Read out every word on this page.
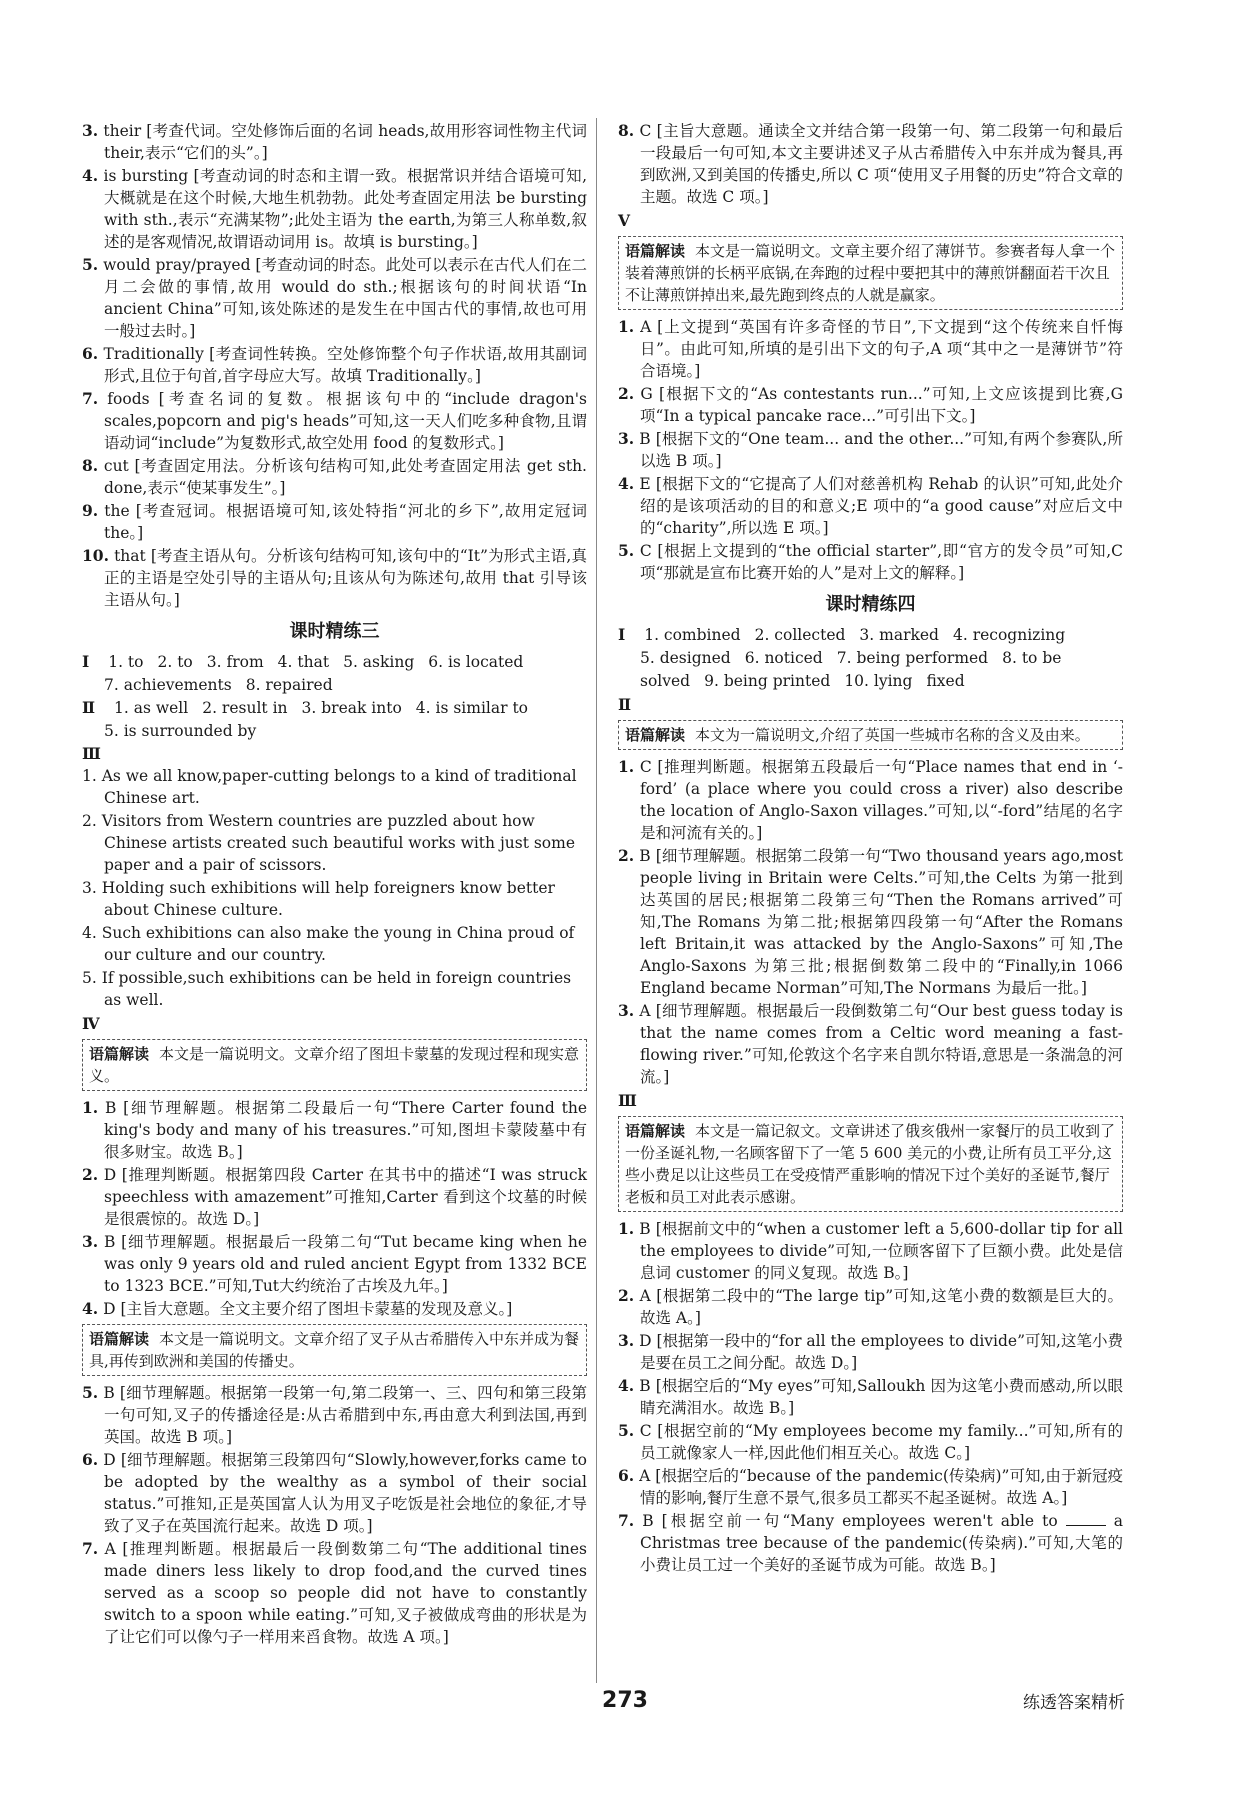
3. their [考查代词。空处修饰后面的名词 heads,故用形容词性物主代词 their,表示“它们的头”。]
4. is bursting [考查动词的时态和主谓一致。根据常识并结合语境可知,大概就是在这个时候,大地生机勃勃。此处考查固定用法 be bursting with sth.,表示“充满某物”;此处主语为 the earth,为第三人称单数,叙述的是客观情况,故谓语动词用 is。故填 is bursting。]
5. would pray/prayed [考查动词的时态。此处可以表示在古代人们在二月二会做的事情,故用 would do sth.;根据该句的时间状语“In ancient China”可知,该处陈述的是发生在中国古代的事情,故也可用一般过去时。]
6. Traditionally [考查词性转换。空处修饰整个句子作状语,故用其副词形式,且位于句首,首字母应大写。故填 Traditionally。]
7. foods [考查名词的复数。根据该句中的“include dragon's scales,popcorn and pig's heads”可知,这一天人们吃多种食物,且谓语动词“include”为复数形式,故空处用 food 的复数形式。]
8. cut [考查固定用法。分析该句结构可知,此处考查固定用法 get sth. done,表示“使某事发生”。]
9. the [考查冠词。根据语境可知,该处特指“河北的乡下”,故用定冠词 the。]
10. that [考查主语从句。分析该句结构可知,该句中的“It”为形式主语,真正的主语是空处引导的主语从句;且该从句为陈述句,故用 that 引导该主语从句。]
课时精练三
Ⅰ 1. to 2. to 3. from 4. that 5. asking 6. is located
7. achievements 8. repaired
Ⅱ 1. as well 2. result in 3. break into 4. is similar to
5. is surrounded by
Ⅲ
1. As we all know,paper-cutting belongs to a kind of traditional Chinese art.
2. Visitors from Western countries are puzzled about how Chinese artists created such beautiful works with just some paper and a pair of scissors.
3. Holding such exhibitions will help foreigners know better about Chinese culture.
4. Such exhibitions can also make the young in China proud of our culture and our country.
5. If possible,such exhibitions can be held in foreign countries as well.
Ⅳ
语篇解读 本文是一篇说明文。文章介绍了图坦卡蒙墓的发现过程和现实意义。
1. B [细节理解题。根据第二段最后一句“There Carter found the king's body and many of his treasures.”可知,图坦卡蒙陵墓中有很多财宝。故选 B。]
2. D [推理判断题。根据第四段 Carter 在其书中的描述“I was struck speechless with amazement”可推知,Carter 看到这个坟墓的时候是很震惊的。故选 D。]
3. B [细节理解题。根据最后一段第二句“Tut became king when he was only 9 years old and ruled ancient Egypt from 1332 BCE to 1323 BCE.”可知,Tut大约统治了古埃及九年。]
4. D [主旨大意题。全文主要介绍了图坦卡蒙墓的发现及意义。]
语篇解读 本文是一篇说明文。文章介绍了叉子从古希腊传入中东并成为餐具,再传到欧洲和美国的传播史。
5. B [细节理解题。根据第一段第一句,第二段第一、三、四句和第三段第一句可知,叉子的传播途径是:从古希腊到中东,再由意大利到法国,再到英国。故选 B 项。]
6. D [细节理解题。根据第三段第四句“Slowly,however,forks came to be adopted by the wealthy as a symbol of their social status.”可推知,正是英国富人认为用叉子吃饭是社会地位的象征,才导致了叉子在英国流行起来。故选 D 项。]
7. A [推理判断题。根据最后一段倒数第二句“The additional tines made diners less likely to drop food,and the curved tines served as a scoop so people did not have to constantly switch to a spoon while eating.”可知,叉子被做成弯曲的形状是为了让它们可以像勺子一样用来舀食物。故选 A 项。]
8. C [主旨大意题。通读全文并结合第一段第一句、第二段第一句和最后一段最后一句可知,本文主要讲述叉子从古希腊传入中东并成为餐具,再到欧洲,又到美国的传播史,所以 C 项“使用叉子用餐的历史”符合文章的主题。故选 C 项。]
Ⅴ
语篇解读 本文是一篇说明文。文章主要介绍了薄饼节。参赛者每人拿一个装着薄煎饼的长柄平底锅,在奔跑的过程中要把其中的薄煎饼翻面若干次且不让薄煎饼掉出来,最先跑到终点的人就是赢家。
1. A [上文提到“英国有许多奇怪的节日”,下文提到“这个传统来自忏悔日”。由此可知,所填的是引出下文的句子,A 项“其中之一是薄饼节”符合语境。]
2. G [根据下文的“As contestants run...”可知,上文应该提到比赛,G 项“In a typical pancake race...”可引出下文。]
3. B [根据下文的“One team... and the other...”可知,有两个参赛队,所以选 B 项。]
4. E [根据下文的“它提高了人们对慈善机构 Rehab 的认识”可知,此处介绍的是该项活动的目的和意义;E 项中的“a good cause”对应后文中的“charity”,所以选 E 项。]
5. C [根据上文提到的“the official starter”,即“官方的发令员”可知,C 项“那就是宣布比赛开始的人”是对上文的解释。]
课时精练四
Ⅰ 1. combined 2. collected 3. marked 4. recognizing
5. designed 6. noticed 7. being performed 8. to be
solved 9. being printed 10. lying fixed
Ⅱ
语篇解读 本文为一篇说明文,介绍了英国一些城市名称的含义及由来。
1. C [推理判断题。根据第五段最后一句“Place names that end in ‘-ford’ (a place where you could cross a river) also describe the location of Anglo-Saxon villages.”可知,以“-ford”结尾的名字是和河流有关的。]
2. B [细节理解题。根据第二段第一句“Two thousand years ago,most people living in Britain were Celts.”可知,the Celts 为第一批到达英国的居民;根据第二段第三句“Then the Romans arrived”可知,The Romans 为第二批;根据第四段第一句“After the Romans left Britain,it was attacked by the Anglo-Saxons”可知,The Anglo-Saxons 为第三批;根据倒数第二段中的“Finally,in 1066 England became Norman”可知,The Normans 为最后一批。]
3. A [细节理解题。根据最后一段倒数第二句“Our best guess today is that the name comes from a Celtic word meaning a fast-flowing river.”可知,伦敦这个名字来自凯尔特语,意思是一条湍急的河流。]
Ⅲ
语篇解读 本文是一篇记叙文。文章讲述了俄亥俄州一家餐厅的员工收到了一份圣诞礼物,一名顾客留下了一笔 5 600 美元的小费,让所有员工平分,这些小费足以让这些员工在受疫情严重影响的情况下过个美好的圣诞节,餐厅老板和员工对此表示感谢。
1. B [根据前文中的“when a customer left a 5,600-dollar tip for all the employees to divide”可知,一位顾客留下了巨额小费。此处是信息词 customer 的同义复现。故选 B。]
2. A [根据第二段中的“The large tip”可知,这笔小费的数额是巨大的。故选 A。]
3. D [根据第一段中的“for all the employees to divide”可知,这笔小费是要在员工之间分配。故选 D。]
4. B [根据空后的“My eyes”可知,Salloukh 因为这笔小费而感动,所以眼睛充满泪水。故选 B。]
5. C [根据空前的“My employees become my family...”可知,所有的员工就像家人一样,因此他们相互关心。故选 C。]
6. A [根据空后的“because of the pandemic(传染病)”可知,由于新冠疫情的影响,餐厅生意不景气,很多员工都买不起圣诞树。故选 A。]
7. B [根据空前一句“Many employees weren't able to	a Christmas tree because of the pandemic(传染病).”可知,大笔的小费让员工过一个美好的圣诞节成为可能。故选 B。]
273	练透答案精析
